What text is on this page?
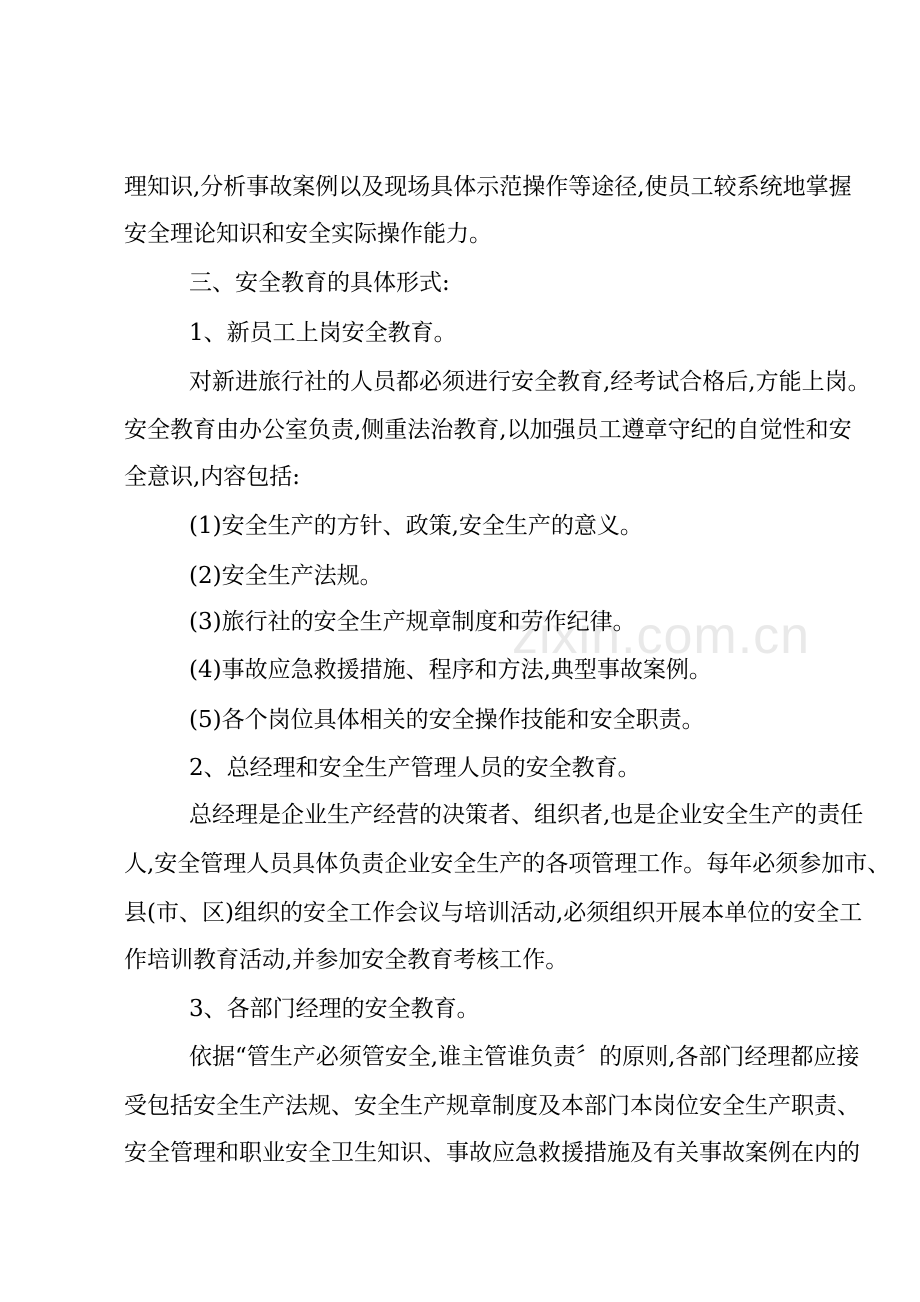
zixin.com.cn
理知识,分析事故案例以及现场具体示范操作等途径,使员工较系统地掌握
安全理论知识和安全实际操作能力。
三、安全教育的具体形式:
1、新员工上岗安全教育。
对新进旅行社的人员都必须进行安全教育,经考试合格后,方能上岗。
安全教育由办公室负责,侧重法治教育,以加强员工遵章守纪的自觉性和安
全意识,内容包括:
(1)安全生产的方针、政策,安全生产的意义。
(2)安全生产法规。
(3)旅行社的安全生产规章制度和劳作纪律。
(4)事故应急救援措施、程序和方法,典型事故案例。
(5)各个岗位具体相关的安全操作技能和安全职责。
2、总经理和安全生产管理人员的安全教育。
总经理是企业生产经营的决策者、组织者,也是企业安全生产的责任
人,安全管理人员具体负责企业安全生产的各项管理工作。每年必须参加市、
县(市、区)组织的安全工作会议与培训活动,必须组织开展本单位的安全工
作培训教育活动,并参加安全教育考核工作。
3、各部门经理的安全教育。
依据“管生产必须管安全,谁主管谁负责〞的原则,各部门经理都应接
受包括安全生产法规、安全生产规章制度及本部门本岗位安全生产职责、
安全管理和职业安全卫生知识、事故应急救援措施及有关事故案例在内的
